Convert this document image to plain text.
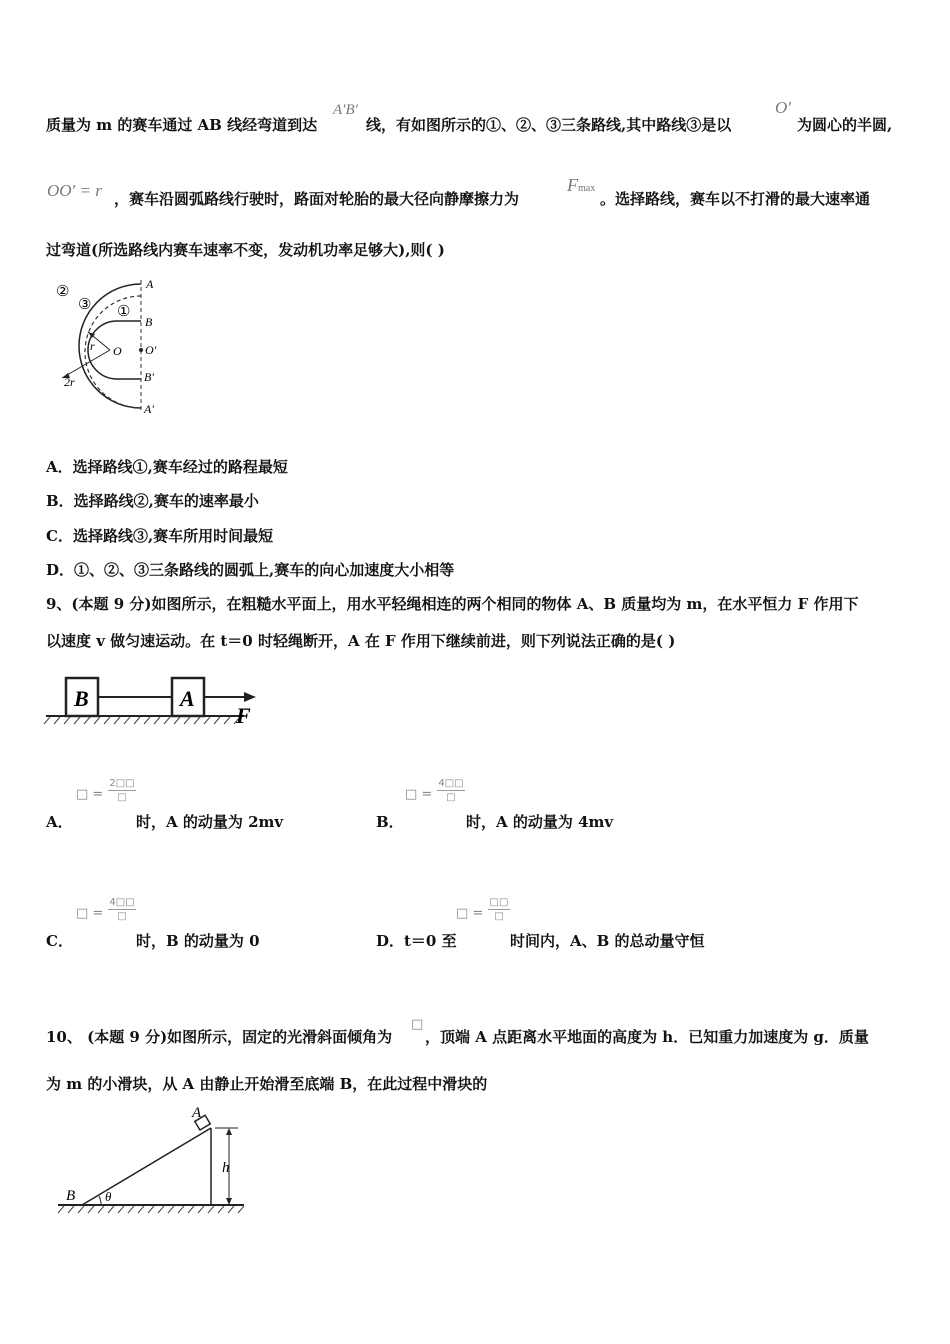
质量为 m 的赛车通过 AB 线经弯道到达
A′B′
线，有如图所示的①、②、③三条路线,其中路线③是以
O′
为圆心的半圆,
OO′ = r ，赛车沿圆弧路线行驶时，路面对轮胎的最大径向静摩擦力为
Fmax
。选择路线，赛车以不打滑的最大速率通
过弯道(所选路线内赛车速率不变，发动机功率足够大),则( )
②
③ ①
A
B
O′
O
B′
A′
r
2r
A．选择路线①,赛车经过的路程最短
B．选择路线②,赛车的速率最小
C．选择路线③,赛车所用时间最短
D．①、②、③三条路线的圆弧上,赛车的向心加速度大小相等
9、(本题 9 分)如图所示，在粗糙水平面上，用水平轻绳相连的两个相同的物体 A、B 质量均为 m，在水平恒力 F 作用下
以速度 v 做匀速运动。在 t＝0 时轻绳断开，A 在 F 作用下继续前进，则下列说法正确的是( )
B	A
F
A．
□ =
2□□
□
时，A 的动量为 2mv	B．
□ =
4□□
□
时，A 的动量为 4mv
C．
□ =
4□□
□
时，B 的动量为 0	D． t＝0 至
□ =
□□
□
时间内，A、B 的总动量守恒
10、 (本题 9 分)如图所示，固定的光滑斜面倾角为
□
，顶端 A 点距离水平地面的高度为 h．已知重力加速度为 g．质量
为 m 的小滑块，从 A 由静止开始滑至底端 B，在此过程中滑块的
A
B
h
θ
